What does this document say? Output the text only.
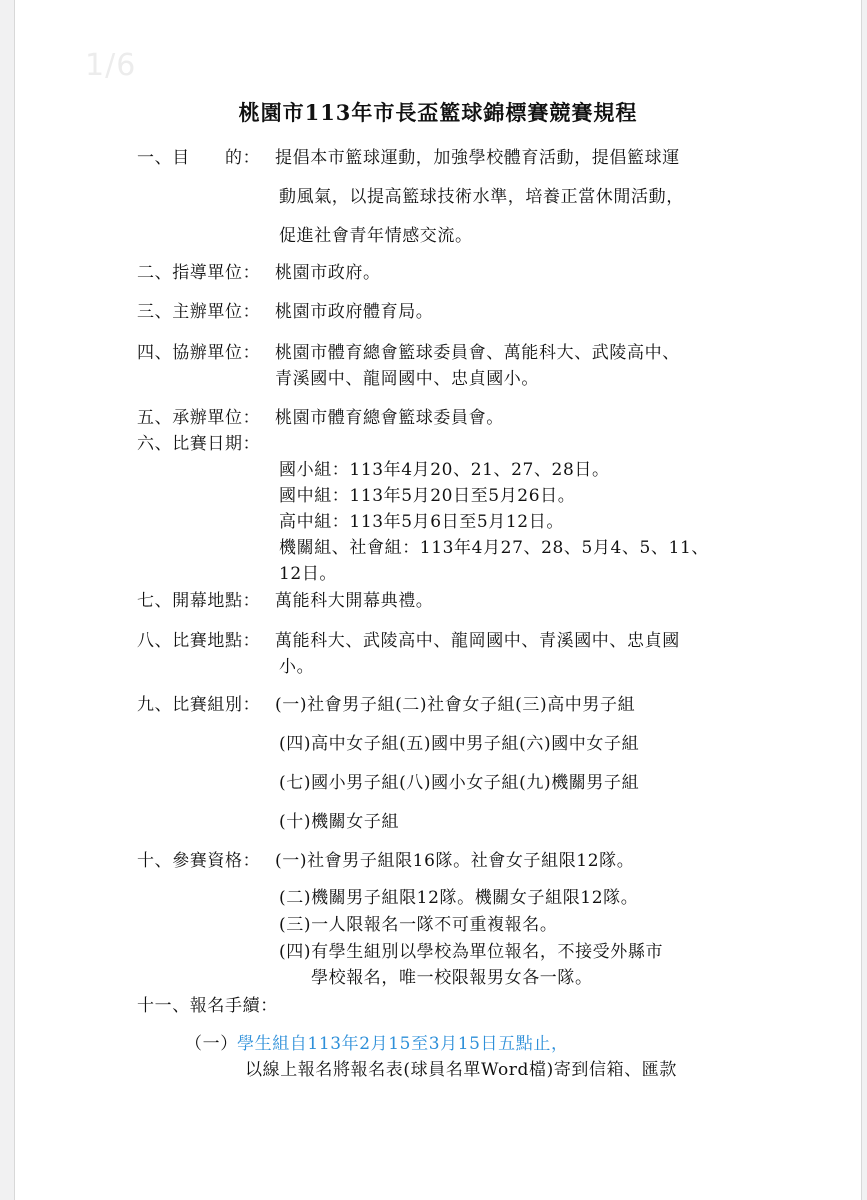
1/6
桃園市113年市長盃籃球錦標賽競賽規程
一、目　　的： 提倡本市籃球運動，加強學校體育活動，提倡籃球運
動風氣，以提高籃球技術水準，培養正當休閒活動，
促進社會青年情感交流。
二、指導單位： 桃園市政府。
三、主辦單位： 桃園市政府體育局。
四、協辦單位： 桃園市體育總會籃球委員會、萬能科大、武陵高中、
青溪國中、龍岡國中、忠貞國小。
五、承辦單位： 桃園市體育總會籃球委員會。
六、比賽日期：
國小組：113年4月20、21、27、28日。
國中組：113年5月20日至5月26日。
高中組：113年5月6日至5月12日。
機關組、社會組：113年4月27、28、5月4、5、11、
12日。
七、開幕地點： 萬能科大開幕典禮。
八、比賽地點： 萬能科大、武陵高中、龍岡國中、青溪國中、忠貞國
小。
九、比賽組別： (一)社會男子組(二)社會女子組(三)高中男子組
(四)高中女子組(五)國中男子組(六)國中女子組
(七)國小男子組(八)國小女子組(九)機關男子組
(十)機關女子組
十、參賽資格： (一)社會男子組限16隊。社會女子組限12隊。
(二)機關男子組限12隊。機關女子組限12隊。
(三)一人限報名一隊不可重複報名。
(四)有學生組別以學校為單位報名，不接受外縣市
學校報名，唯一校限報男女各一隊。
十一、報名手續：
（一） 學生組自113年2月15至3月15日五點止，
以線上報名將報名表(球員名單Word檔)寄到信箱、匯款
